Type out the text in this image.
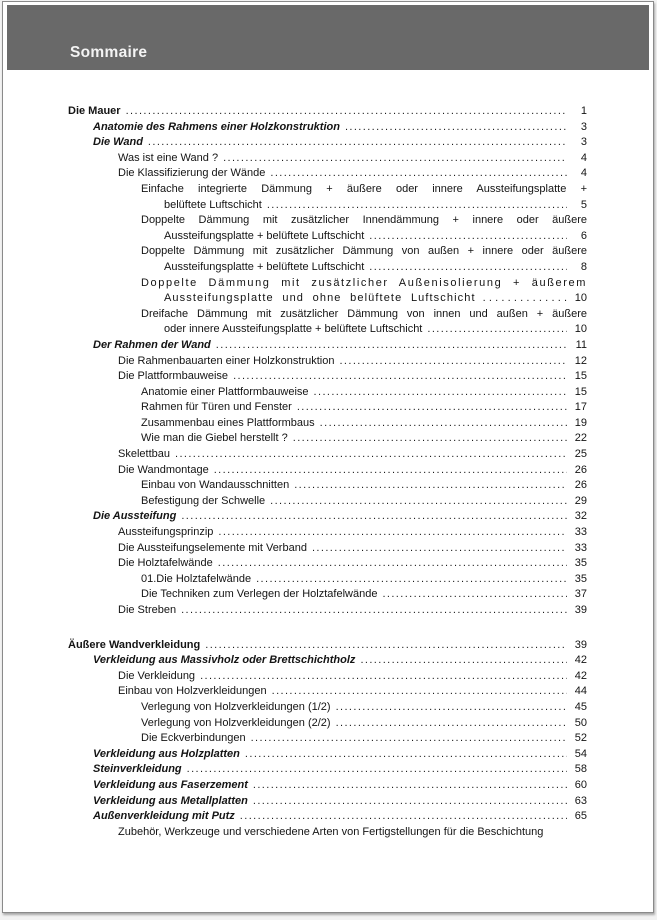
Sommaire
Die Mauer .....	1
Anatomie des Rahmens einer Holzkonstruktion .....	3
Die Wand .....	3
Was ist eine Wand ? .....	4
Die Klassifizierung der Wände .....	4
Einfache integrierte Dämmung + äußere oder innere Aussteifungsplatte +
belüftete Luftschicht .....	5
Doppelte Dämmung mit zusätzlicher Innendämmung + innere oder äußere
Aussteifungsplatte + belüftete Luftschicht .....	6
Doppelte Dämmung mit zusätzlicher Dämmung von außen + innere oder äußere
Aussteifungsplatte + belüftete Luftschicht .....	8
Doppelte Dämmung mit zusätzlicher Außenisolierung + äußerem
Aussteifungsplatte und ohne belüftete Luftschicht .....	10
Dreifache Dämmung mit zusätzlicher Dämmung von innen und außen + äußere
oder innere Aussteifungsplatte + belüftete Luftschicht .....	10
Der Rahmen der Wand .....	11
Die Rahmenbauarten einer Holzkonstruktion .....	12
Die Plattformbauweise .....	15
Anatomie einer Plattformbauweise .....	15
Rahmen für Türen und Fenster .....	17
Zusammenbau eines Plattformbaus .....	19
Wie man die Giebel herstellt ? .....	22
Skelettbau .....	25
Die Wandmontage .....	26
Einbau von Wandausschnitten .....	26
Befestigung der Schwelle .....	29
Die Aussteifung .....	32
Aussteifungsprinzip .....	33
Die Aussteifungselemente mit Verband .....	33
Die Holztafelwände .....	35
01.Die Holztafelwände .....	35
Die Techniken zum Verlegen der Holztafelwände .....	37
Die Streben .....	39
Äußere Wandverkleidung .....	39
Verkleidung aus Massivholz oder Brettschichtholz .....	42
Die Verkleidung .....	42
Einbau von Holzverkleidungen .....	44
Verlegung von Holzverkleidungen (1/2) .....	45
Verlegung von Holzverkleidungen (2/2) .....	50
Die Eckverbindungen .....	52
Verkleidung aus Holzplatten .....	54
Steinverkleidung .....	58
Verkleidung aus Faserzement .....	60
Verkleidung aus Metallplatten .....	63
Außenverkleidung mit Putz .....	65
Zubehör, Werkzeuge und verschiedene Arten von Fertigstellungen für die Beschichtung
